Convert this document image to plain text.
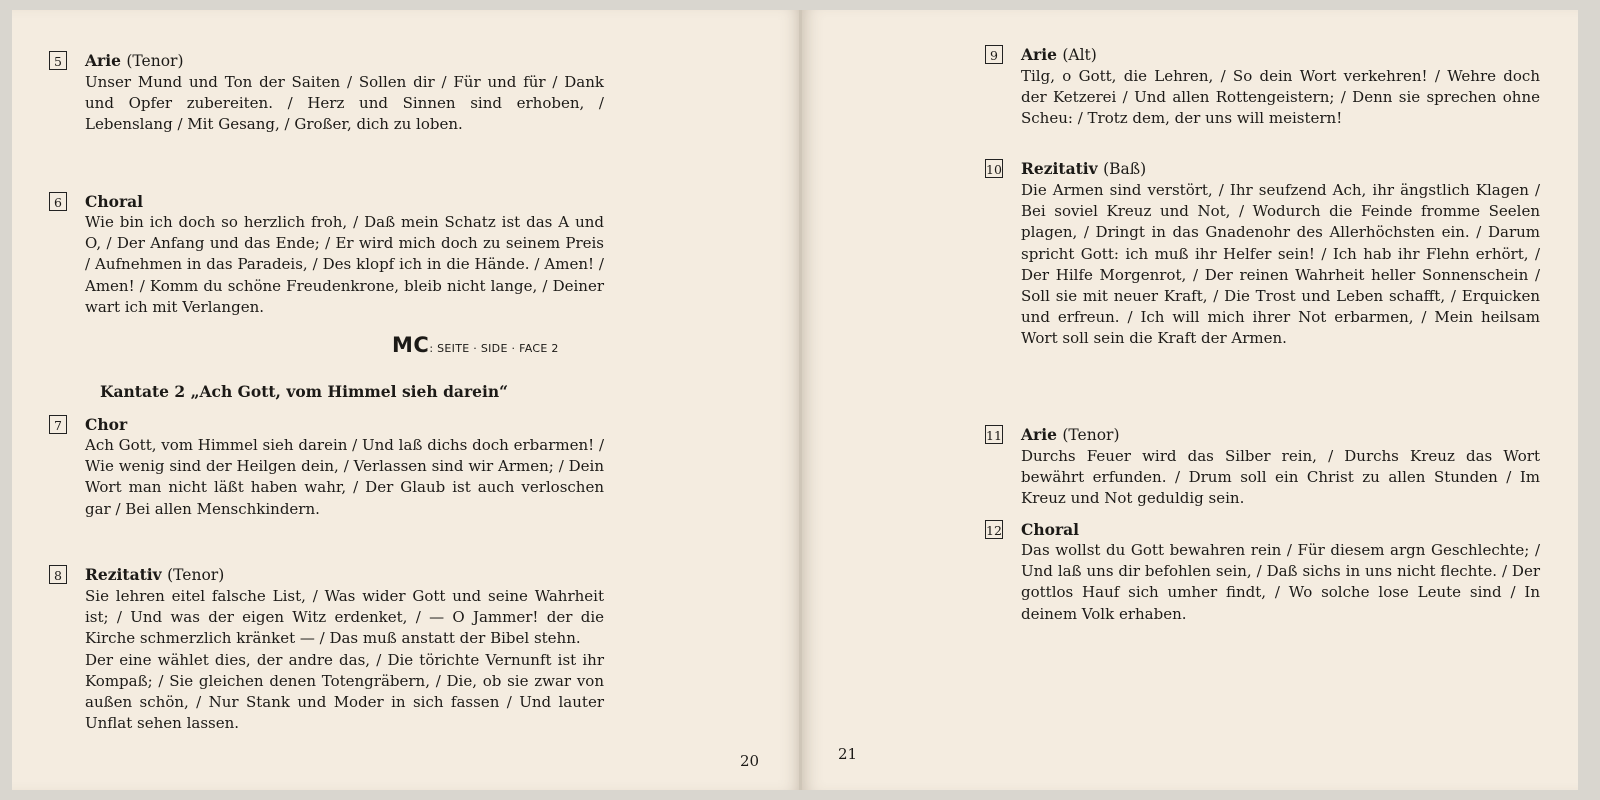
5	Arie (Tenor)
Unser Mund und Ton der Saiten / Sollen dir / Für und für / Dank und Opfer zubereiten. / Herz und Sinnen sind erhoben, / Lebenslang / Mit Gesang, / Großer, dich zu loben.
6	Choral
Wie bin ich doch so herzlich froh, / Daß mein Schatz ist das A und O, / Der Anfang und das Ende; / Er wird mich doch zu seinem Preis / Aufnehmen in das Paradeis, / Des klopf ich in die Hände. / Amen! / Amen! / Komm du schöne Freudenkrone, bleib nicht lange, / Deiner wart ich mit Verlangen.
MC: SEITE · SIDE · FACE 2
Kantate 2 „Ach Gott, vom Himmel sieh darein“
7	Chor
Ach Gott, vom Himmel sieh darein / Und laß dichs doch erbarmen! / Wie wenig sind der Heilgen dein, / Verlassen sind wir Armen; / Dein Wort man nicht läßt haben wahr, / Der Glaub ist auch verloschen gar / Bei allen Menschkindern.
8	Rezitativ (Tenor)
Sie lehren eitel falsche List, / Was wider Gott und seine Wahrheit ist; / Und was der eigen Witz erdenket, / — O Jammer! der die Kirche schmerzlich kränket — / Das muß anstatt der Bibel stehn.
Der eine wählet dies, der andre das, / Die törichte Vernunft ist ihr Kompaß; / Sie gleichen denen Totengräbern, / Die, ob sie zwar von außen schön, / Nur Stank und Moder in sich fassen / Und lauter Unflat sehen lassen.
20
9	Arie (Alt)
Tilg, o Gott, die Lehren, / So dein Wort verkehren! / Wehre doch der Ketzerei / Und allen Rottengeistern; / Denn sie sprechen ohne Scheu: / Trotz dem, der uns will meistern!
10 Rezitativ (Baß)
Die Armen sind verstört, / Ihr seufzend Ach, ihr ängstlich Klagen / Bei soviel Kreuz und Not, / Wodurch die Feinde fromme Seelen plagen, / Dringt in das Gnadenohr des Allerhöchsten ein. / Darum spricht Gott: ich muß ihr Helfer sein! / Ich hab ihr Flehn erhört, / Der Hilfe Morgenrot, / Der reinen Wahrheit heller Sonnenschein / Soll sie mit neuer Kraft, / Die Trost und Leben schafft, / Erquicken und erfreun. / Ich will mich ihrer Not erbarmen, / Mein heilsam Wort soll sein die Kraft der Armen.
11 Arie (Tenor)
Durchs Feuer wird das Silber rein, / Durchs Kreuz das Wort bewährt erfunden. / Drum soll ein Christ zu allen Stunden / Im Kreuz und Not geduldig sein.
12 Choral
Das wollst du Gott bewahren rein / Für diesem argn Geschlechte; / Und laß uns dir befohlen sein, / Daß sichs in uns nicht flechte. / Der gottlos Hauf sich umher findt, / Wo solche lose Leute sind / In deinem Volk erhaben.
21
